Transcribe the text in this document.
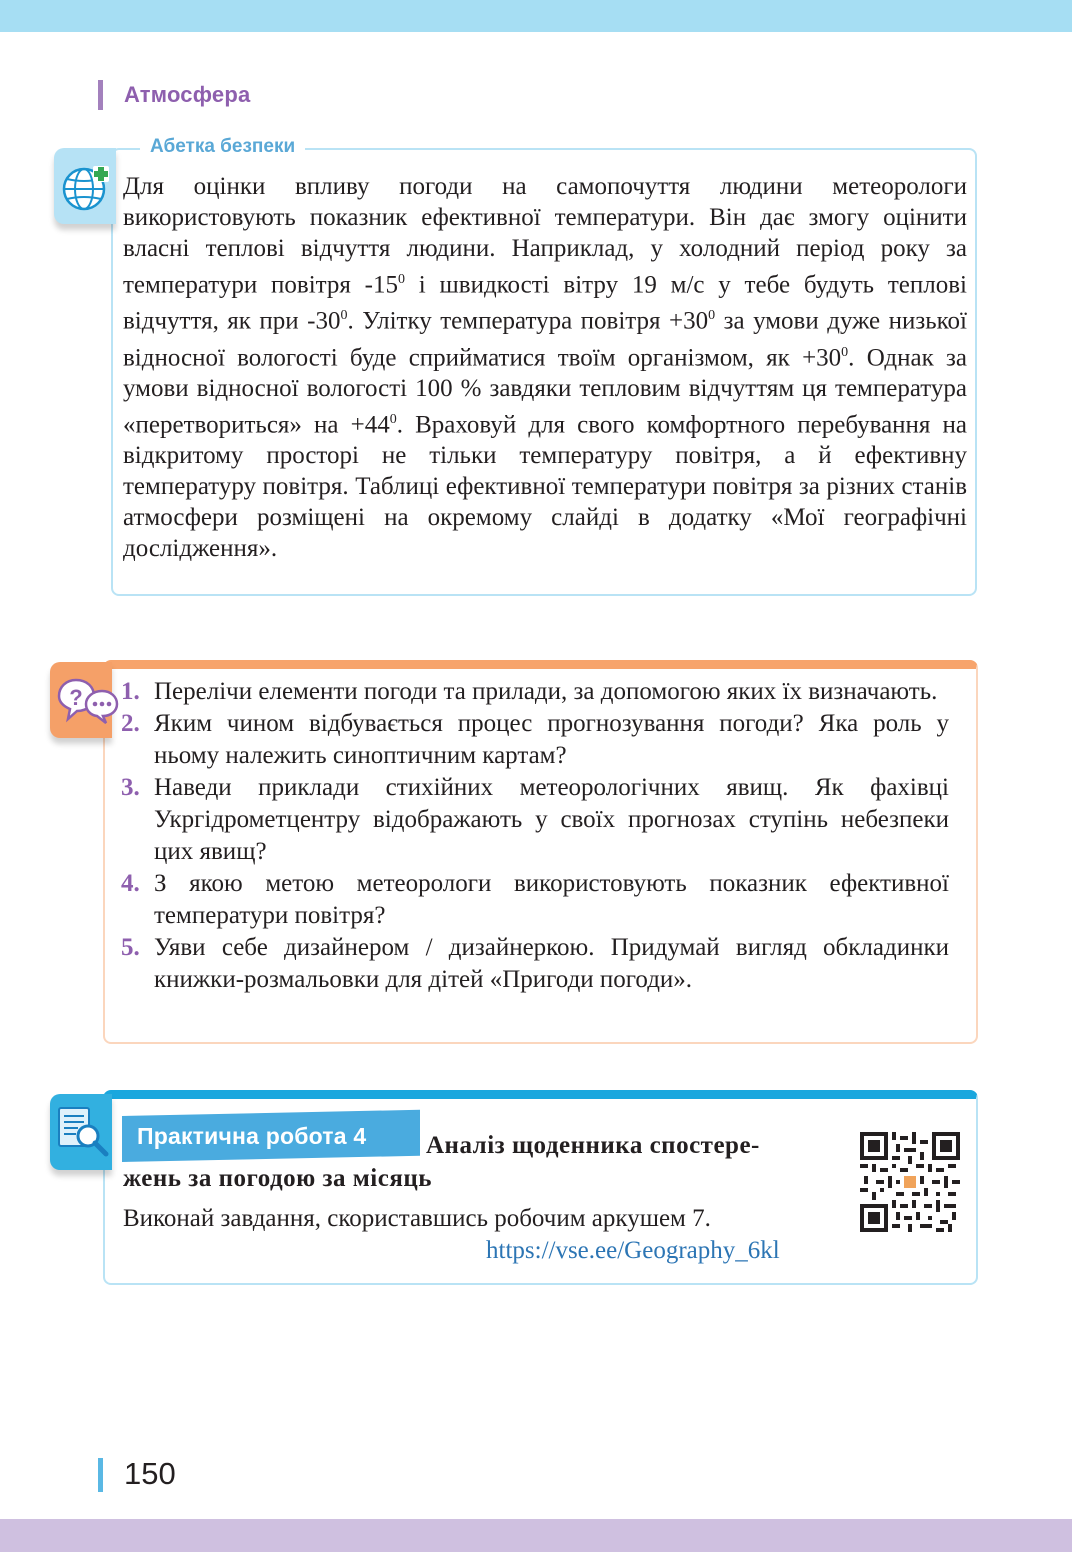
Атмосфера
Абетка безпеки

Для оцінки впливу погоди на самопочуття людини метеорологи використовують показник ефективної температури. Він дає змогу оцінити власні теплові відчуття людини. Наприклад, у холодний період року за температури повітря $-15^0$ і швидкості вітру 19 м/с у тебе будуть теплові відчуття, як при $-30^0$. Улітку температура повітря $+30^0$ за умови дуже низької відносної вологості буде сприйматися твоїм організмом, як $+30^0$. Однак за умови відносної вологості 100 % завдяки тепловим відчуттям ця температура «перетвориться» на $+44^0$. Враховуй для свого комфортного перебування на відкритому просторі не тільки температуру повітря, а й ефективну температуру повітря. Таблиці ефективної температури повітря за різних станів атмосфери розміщені на окремому слайді в додатку «Мої географічні дослідження».

? 1. Перелічи елементи погоди та прилади, за допомогою яких їх визначають.
2. Яким чином відбувається процес прогнозування погоди? Яка роль у ньому належить синоптичним картам?
3. Наведи приклади стихійних метеорологічних явищ. Як фахівці Укргідрометцентру відображають у своїх прогнозах ступінь небезпеки цих явищ?
4. З якою метою метеорологи використовують показник ефективної температури повітря?
5. Уяви себе дизайнером / дизайнеркою. Придумай вигляд обкладинки книжки-розмальовки для дітей «Пригоди погоди».
Практична робота 4 Аналіз щоденника спостере-
жень за погодою за місяць
Виконай завдання, скориставшись робочим аркушем 7.
https://vse.ee/Geography_6kl
150
